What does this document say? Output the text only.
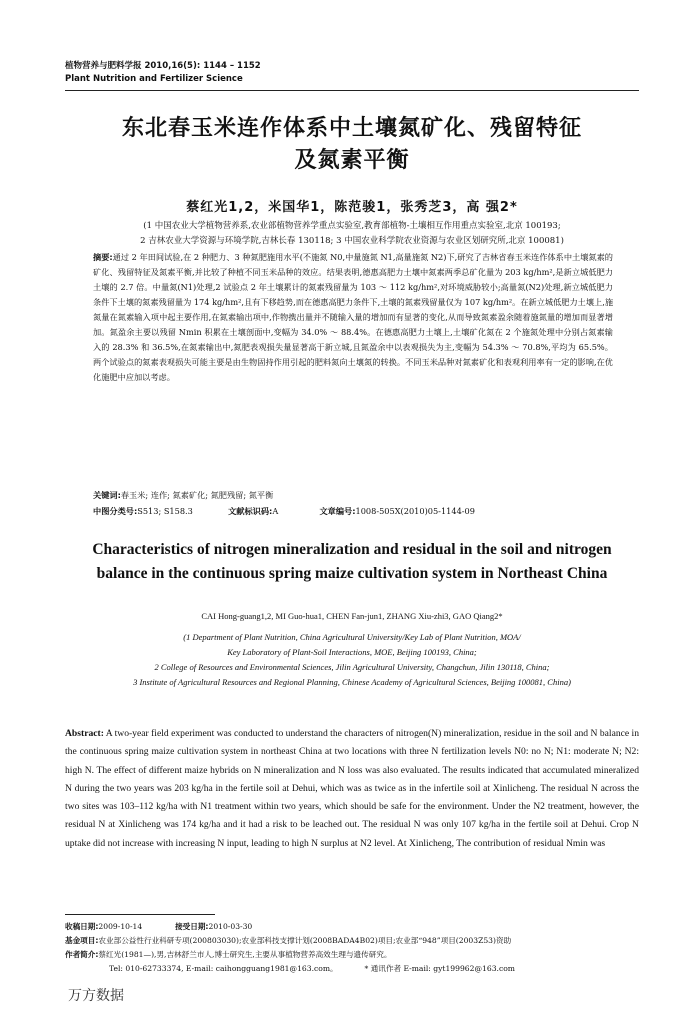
植物营养与肥料学报 2010,16(5): 1144 – 1152
Plant Nutrition and Fertilizer Science
东北春玉米连作体系中土壤氮矿化、残留特征
及氮素平衡
蔡红光1,2，米国华1，陈范骏1，张秀芝3，高 强2*
(1 中国农业大学植物营养系,农业部植物营养学重点实验室,教育部植物-土壤相互作用重点实验室,北京 100193;
2 吉林农业大学资源与环境学院,吉林长春 130118; 3 中国农业科学院农业资源与农业区划研究所,北京 100081)
摘要:通过 2 年田间试验,在 2 种肥力、3 种氮肥施用水平(不施氮 N0,中量施氮 N1,高量施氮 N2)下,研究了吉林省春玉米连作体系中土壤氮素的矿化、残留特征及氮素平衡,并比较了种植不同玉米品种的效应。结果表明,德惠高肥力土壤中氮素两季总矿化量为 203 kg/hm²,是新立城低肥力土壤的 2.7 倍。中量氮(N1)处理,2 试验点 2 年土壤累计的氮素残留量为 103 ～ 112 kg/hm²,对环境威胁较小;高量氮(N2)处理,新立城低肥力条件下土壤的氮素残留量为 174 kg/hm²,且有下移趋势,而在德惠高肥力条件下,土壤的氮素残留量仅为 107 kg/hm²。在新立城低肥力土壤上,施氮量在氮素输入项中起主要作用,在氮素输出项中,作物携出量并不随输入量的增加而有显著的变化,从而导致氮素盈余随着施氮量的增加而显著增加。氮盈余主要以残留 Nmin 积累在土壤剖面中,变幅为 34.0% ～ 88.4%。在德惠高肥力土壤上,土壤矿化氮在 2 个施氮处理中分别占氮素输入的 28.3% 和 36.5%,在氮素输出中,氮肥表观损失量显著高于新立城,且氮盈余中以表观损失为主,变幅为 54.3% ～ 70.8%,平均为 65.5%。两个试验点的氮素表观损失可能主要是由生物固持作用引起的肥料氮向土壤氮的转换。不同玉米品种对氮素矿化和表观利用率有一定的影响,在优化施肥中应加以考虑。
关键词:春玉米; 连作; 氮素矿化; 氮肥残留; 氮平衡
中图分类号:S513; S158.3	文献标识码:A	文章编号:1008-505X(2010)05-1144-09
Characteristics of nitrogen mineralization and residual in the soil and nitrogen
balance in the continuous spring maize cultivation system in Northeast China
CAI Hong-guang1,2, MI Guo-hua1, CHEN Fan-jun1, ZHANG Xiu-zhi3, GAO Qiang2*
(1 Department of Plant Nutrition, China Agricultural University/Key Lab of Plant Nutrition, MOA/
Key Laboratory of Plant-Soil Interactions, MOE, Beijing 100193, China;
2 College of Resources and Environmental Sciences, Jilin Agricultural University, Changchun, Jilin 130118, China;
3 Institute of Agricultural Resources and Regional Planning, Chinese Academy of Agricultural Sciences, Beijing 100081, China)
Abstract: A two-year field experiment was conducted to understand the characters of nitrogen(N) mineralization, residue in the soil and N balance in the continuous spring maize cultivation system in northeast China at two locations with three N fertilization levels N0: no N; N1: moderate N; N2: high N. The effect of different maize hybrids on N mineralization and N loss was also evaluated. The results indicated that accumulated mineralized N during the two years was 203 kg/ha in the fertile soil at Dehui, which was as twice as in the infertile soil at Xinlicheng. The residual N across the two sites was 103–112 kg/ha with N1 treatment within two years, which should be safe for the environment. Under the N2 treatment, however, the residual N at Xinlicheng was 174 kg/ha and it had a risk to be leached out. The residual N was only 107 kg/ha in the fertile soil at Dehui. Crop N uptake did not increase with increasing N input, leading to high N surplus at N2 level. At Xinlicheng, The contribution of residual Nmin was
收稿日期:2009-10-14	接受日期:2010-03-30
基金项目:农业部公益性行业科研专项(200803030);农业部科技支撑计划(2008BADA4B02)项目;农业部“948”项目(2003Z53)资助
作者简介:蔡红光(1981—),男,吉林舒兰市人,博士研究生,主要从事植物营养高效生理与遗传研究。
Tel: 010-62733374, E-mail: caihongguang1981@163.com。	* 通讯作者 E-mail: gyt199962@163.com
万方数据
